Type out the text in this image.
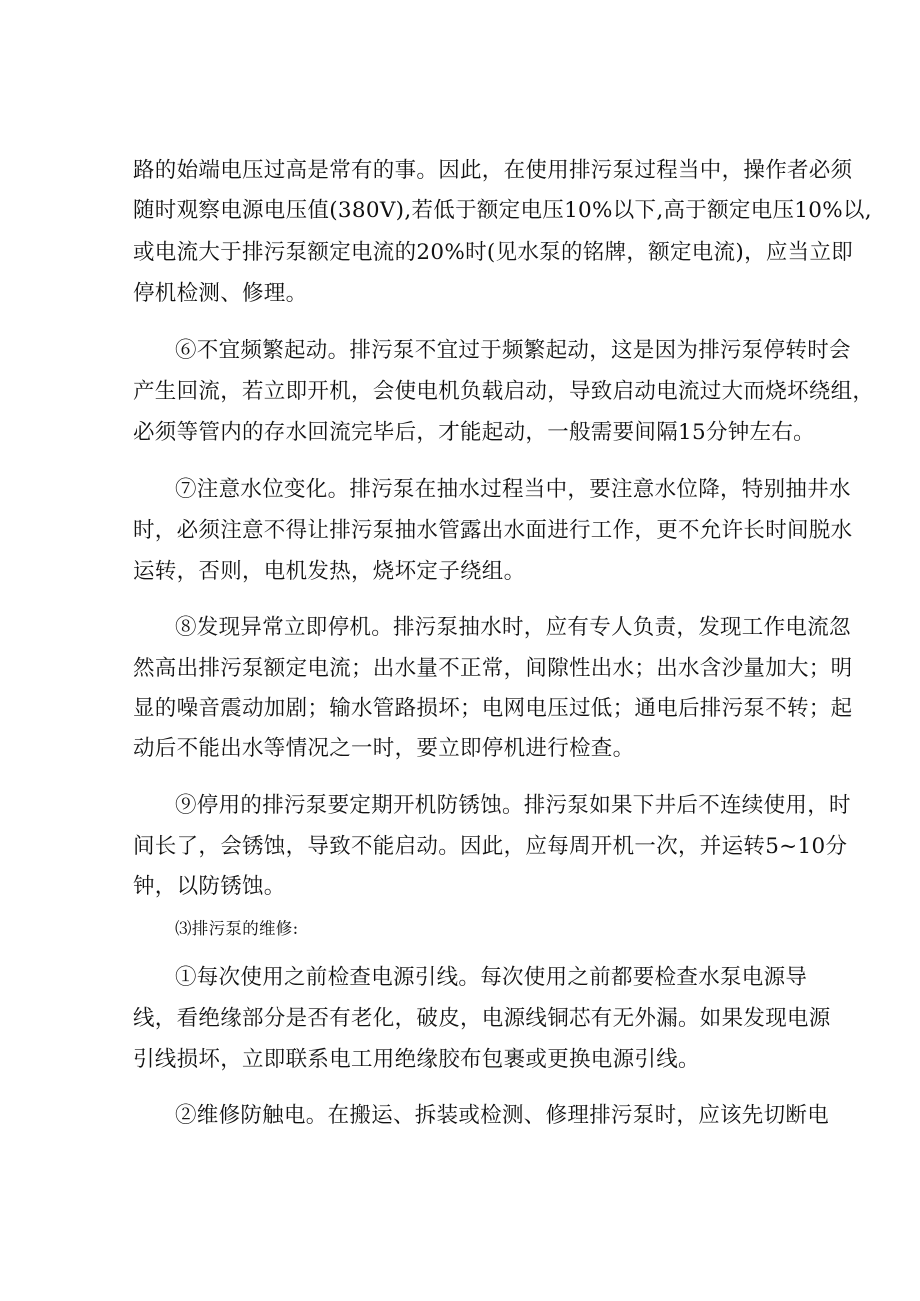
路的始端电压过高是常有的事。因此，在使用排污泵过程当中，操作者必须
随时观察电源电压值(380V),若低于额定电压10%以下,高于额定电压10%以,
或电流大于排污泵额定电流的20%时(见水泵的铭牌，额定电流)，应当立即
停机检测、修理。
⑥不宜频繁起动。排污泵不宜过于频繁起动，这是因为排污泵停转时会
产生回流，若立即开机，会使电机负载启动，导致启动电流过大而烧坏绕组，
必须等管内的存水回流完毕后，才能起动，一般需要间隔15分钟左右。
⑦注意水位变化。排污泵在抽水过程当中，要注意水位降，特别抽井水
时，必须注意不得让排污泵抽水管露出水面进行工作，更不允许长时间脱水
运转，否则，电机发热，烧坏定子绕组。
⑧发现异常立即停机。排污泵抽水时，应有专人负责，发现工作电流忽
然高出排污泵额定电流；出水量不正常，间隙性出水；出水含沙量加大；明
显的噪音震动加剧；输水管路损坏；电网电压过低；通电后排污泵不转；起
动后不能出水等情况之一时，要立即停机进行检查。
⑨停用的排污泵要定期开机防锈蚀。排污泵如果下井后不连续使用，时
间长了，会锈蚀，导致不能启动。因此，应每周开机一次，并运转5~10分
钟，以防锈蚀。
⑶排污泵的维修:
①每次使用之前检查电源引线。每次使用之前都要检查水泵电源导
线，看绝缘部分是否有老化，破皮，电源线铜芯有无外漏。如果发现电源
引线损坏，立即联系电工用绝缘胶布包裹或更换电源引线。
②维修防触电。在搬运、拆装或检测、修理排污泵时，应该先切断电
